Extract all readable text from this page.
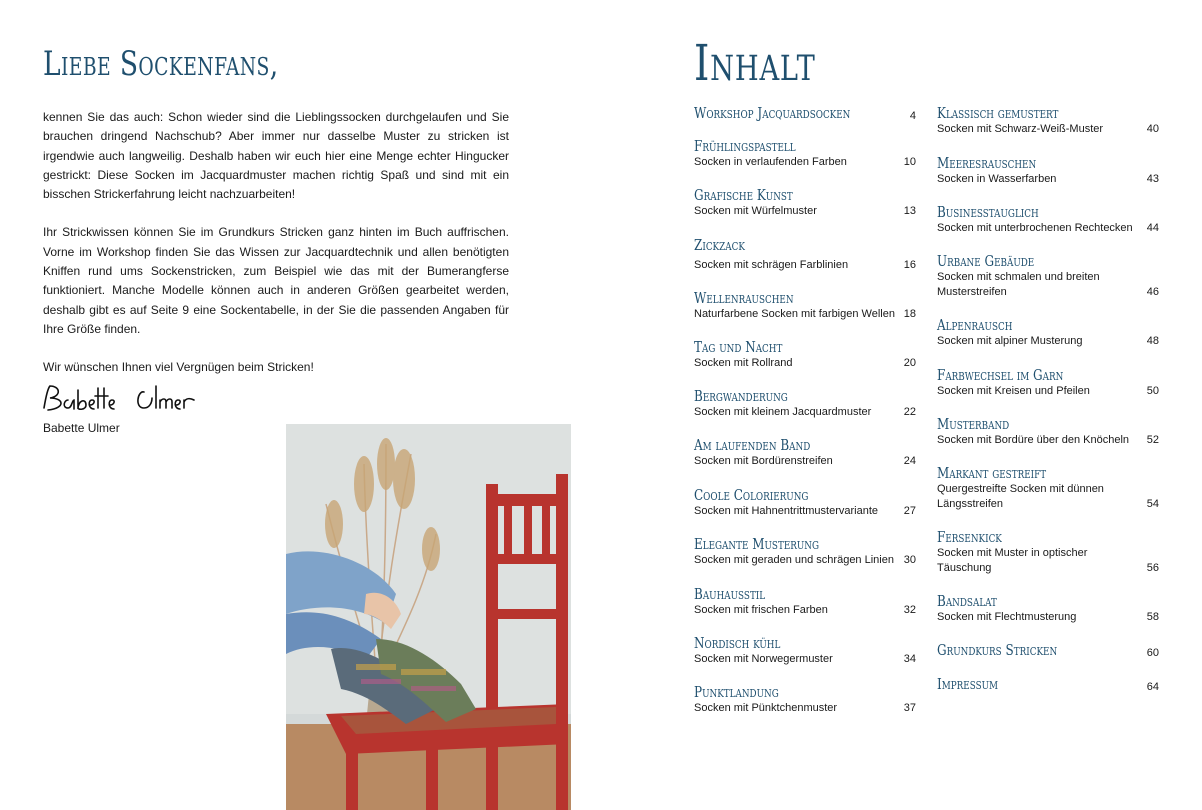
Liebe Sockenfans,

kennen Sie das auch: Schon wieder sind die Lieblingssocken durchgelaufen und Sie brauchen dringend Nachschub? Aber immer nur dasselbe Muster zu stricken ist irgendwie auch langweilig. Deshalb haben wir euch hier eine Menge echter Hingucker gestrickt: Diese Socken im Jacquardmuster machen richtig Spaß und sind mit ein bisschen Strickerfahrung leicht nachzuarbeiten!

Ihr Strickwissen können Sie im Grundkurs Stricken ganz hinten im Buch auffrischen. Vorne im Workshop finden Sie das Wissen zur Jacquardtechnik und allen benötigten Kniffen rund ums Sockenstricken, zum Beispiel wie das mit der Bumerangferse funktioniert. Manche Modelle können auch in anderen Größen gearbeitet werden, deshalb gibt es auf Seite 9 eine Sockentabelle, in der Sie die passenden Angaben für Ihre Größe finden.

Wir wünschen Ihnen viel Vergnügen beim Stricken!

Babette Ulmer
Inhalt
Workshop Jacquardsocken	4
Frühlingspastell
Socken in verlaufenden Farben	10
Grafische Kunst
Socken mit Würfelmuster	13
Zickzack
Socken mit schrägen Farblinien	16
Wellenrauschen
Naturfarbene Socken mit farbigen Wellen 18
Tag und Nacht
Socken mit Rollrand	20
Bergwanderung
Socken mit kleinem Jacquardmuster	22
Am laufenden Band
Socken mit Bordürenstreifen	24
Coole Colorierung
Socken mit Hahnentrittmustervariante	27
Elegante Musterung
Socken mit geraden und schrägen Linien 30
Bauhausstil
Socken mit frischen Farben	32
Nordisch kühl
Socken mit Norwegermuster	34
Punktlandung
Socken mit Pünktchenmuster	37
Klassisch gemustert
Socken mit Schwarz-Weiß-Muster	40
Meeresrauschen
Socken in Wasserfarben	43
Businesstauglich
Socken mit unterbrochenen Rechtecken	44
Urbane Gebäude
Socken mit schmalen und breiten Musterstreifen	46
Alpenrausch
Socken mit alpiner Musterung	48
Farbwechsel im Garn
Socken mit Kreisen und Pfeilen	50
Musterband
Socken mit Bordüre über den Knöcheln	52
Markant gestreift
Quergestreifte Socken mit dünnen Längsstreifen	54
Fersenkick
Socken mit Muster in optischer Täuschung	56
Bandsalat
Socken mit Flechtmusterung	58
Grundkurs Stricken	60
Impressum	64
